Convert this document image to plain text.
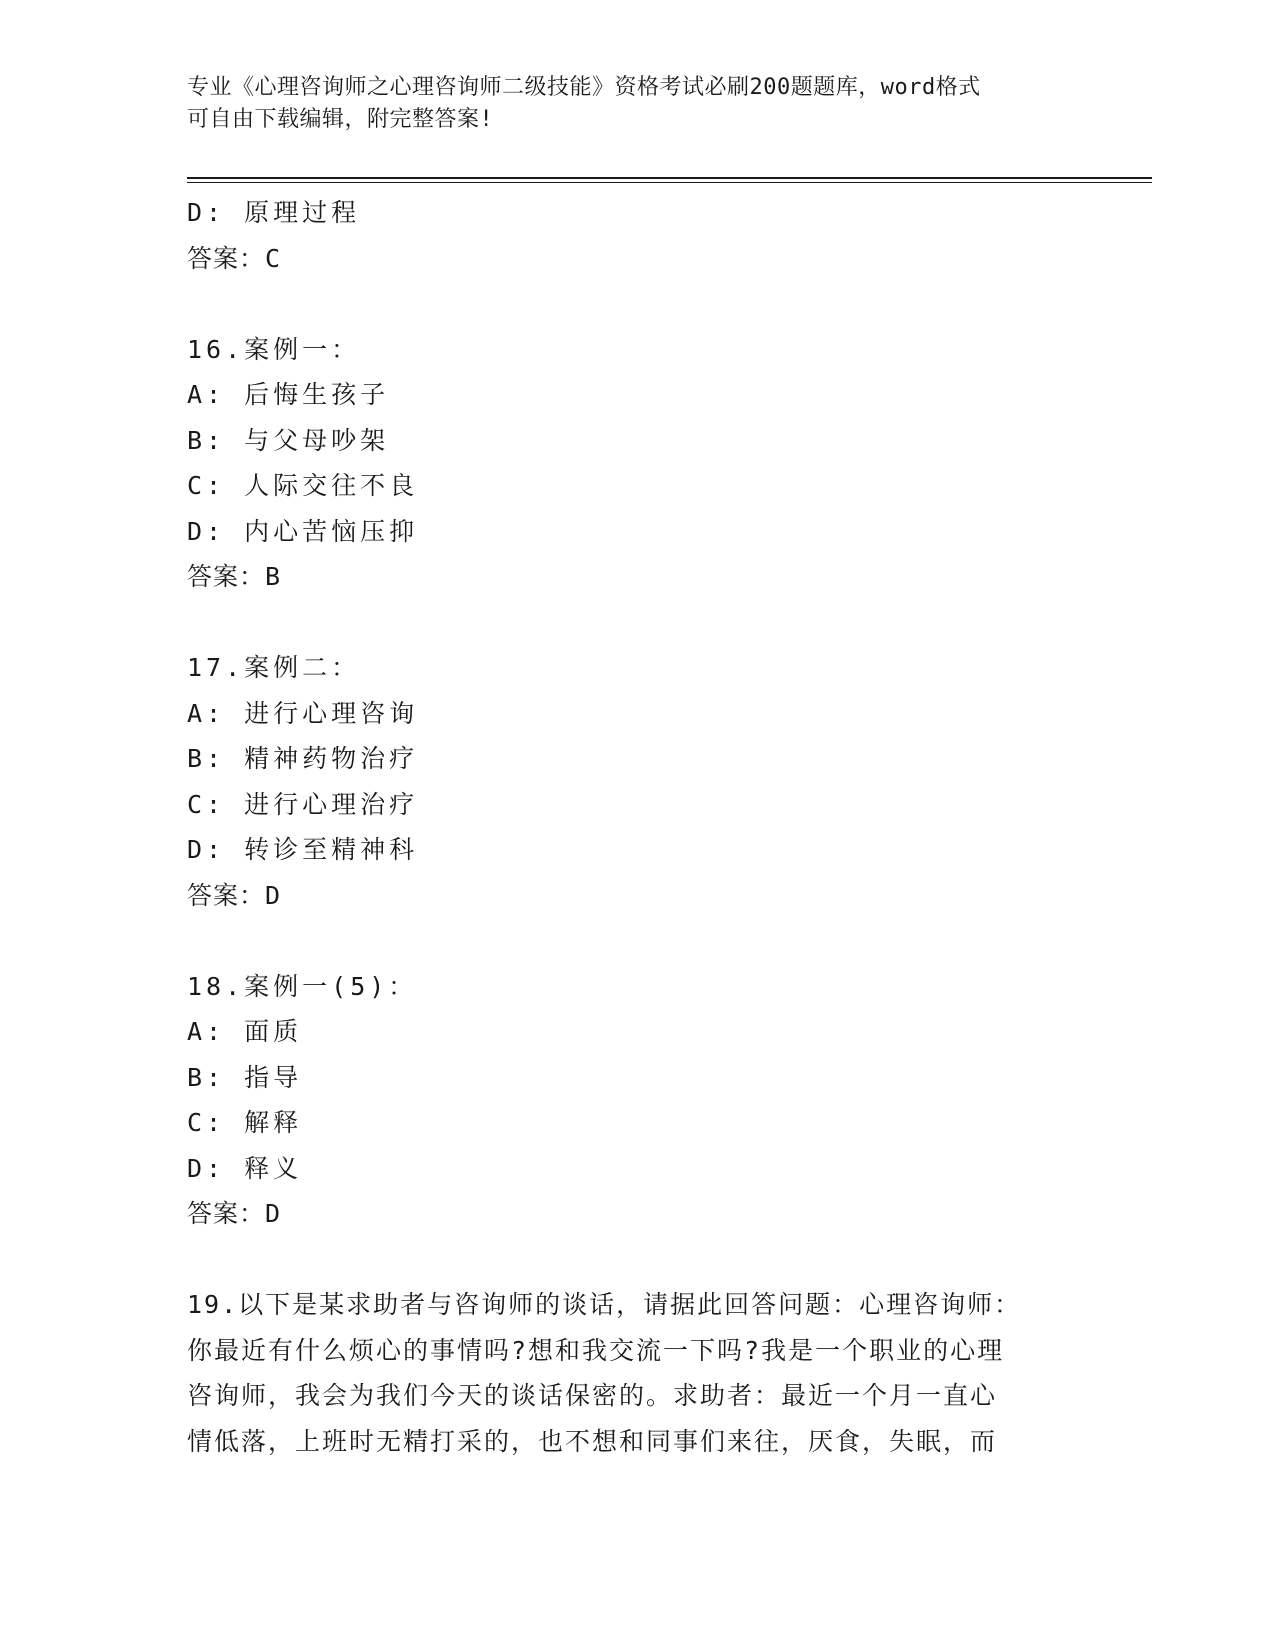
专业《心理咨询师之心理咨询师二级技能》资格考试必刷200题题库，word格式
可自由下载编辑，附完整答案!
D: 原理过程
答案：C
16.案例一：
A: 后悔生孩子
B: 与父母吵架
C: 人际交往不良
D: 内心苦恼压抑
答案：B
17.案例二：
A: 进行心理咨询
B: 精神药物治疗
C: 进行心理治疗
D: 转诊至精神科
答案：D
18.案例一(5)：
A: 面质
B: 指导
C: 解释
D: 释义
答案：D
19.以下是某求助者与咨询师的谈话，请据此回答问题：心理咨询师：
你最近有什么烦心的事情吗?想和我交流一下吗?我是一个职业的心理
咨询师，我会为我们今天的谈话保密的。求助者：最近一个月一直心
情低落，上班时无精打采的，也不想和同事们来往，厌食，失眠，而
